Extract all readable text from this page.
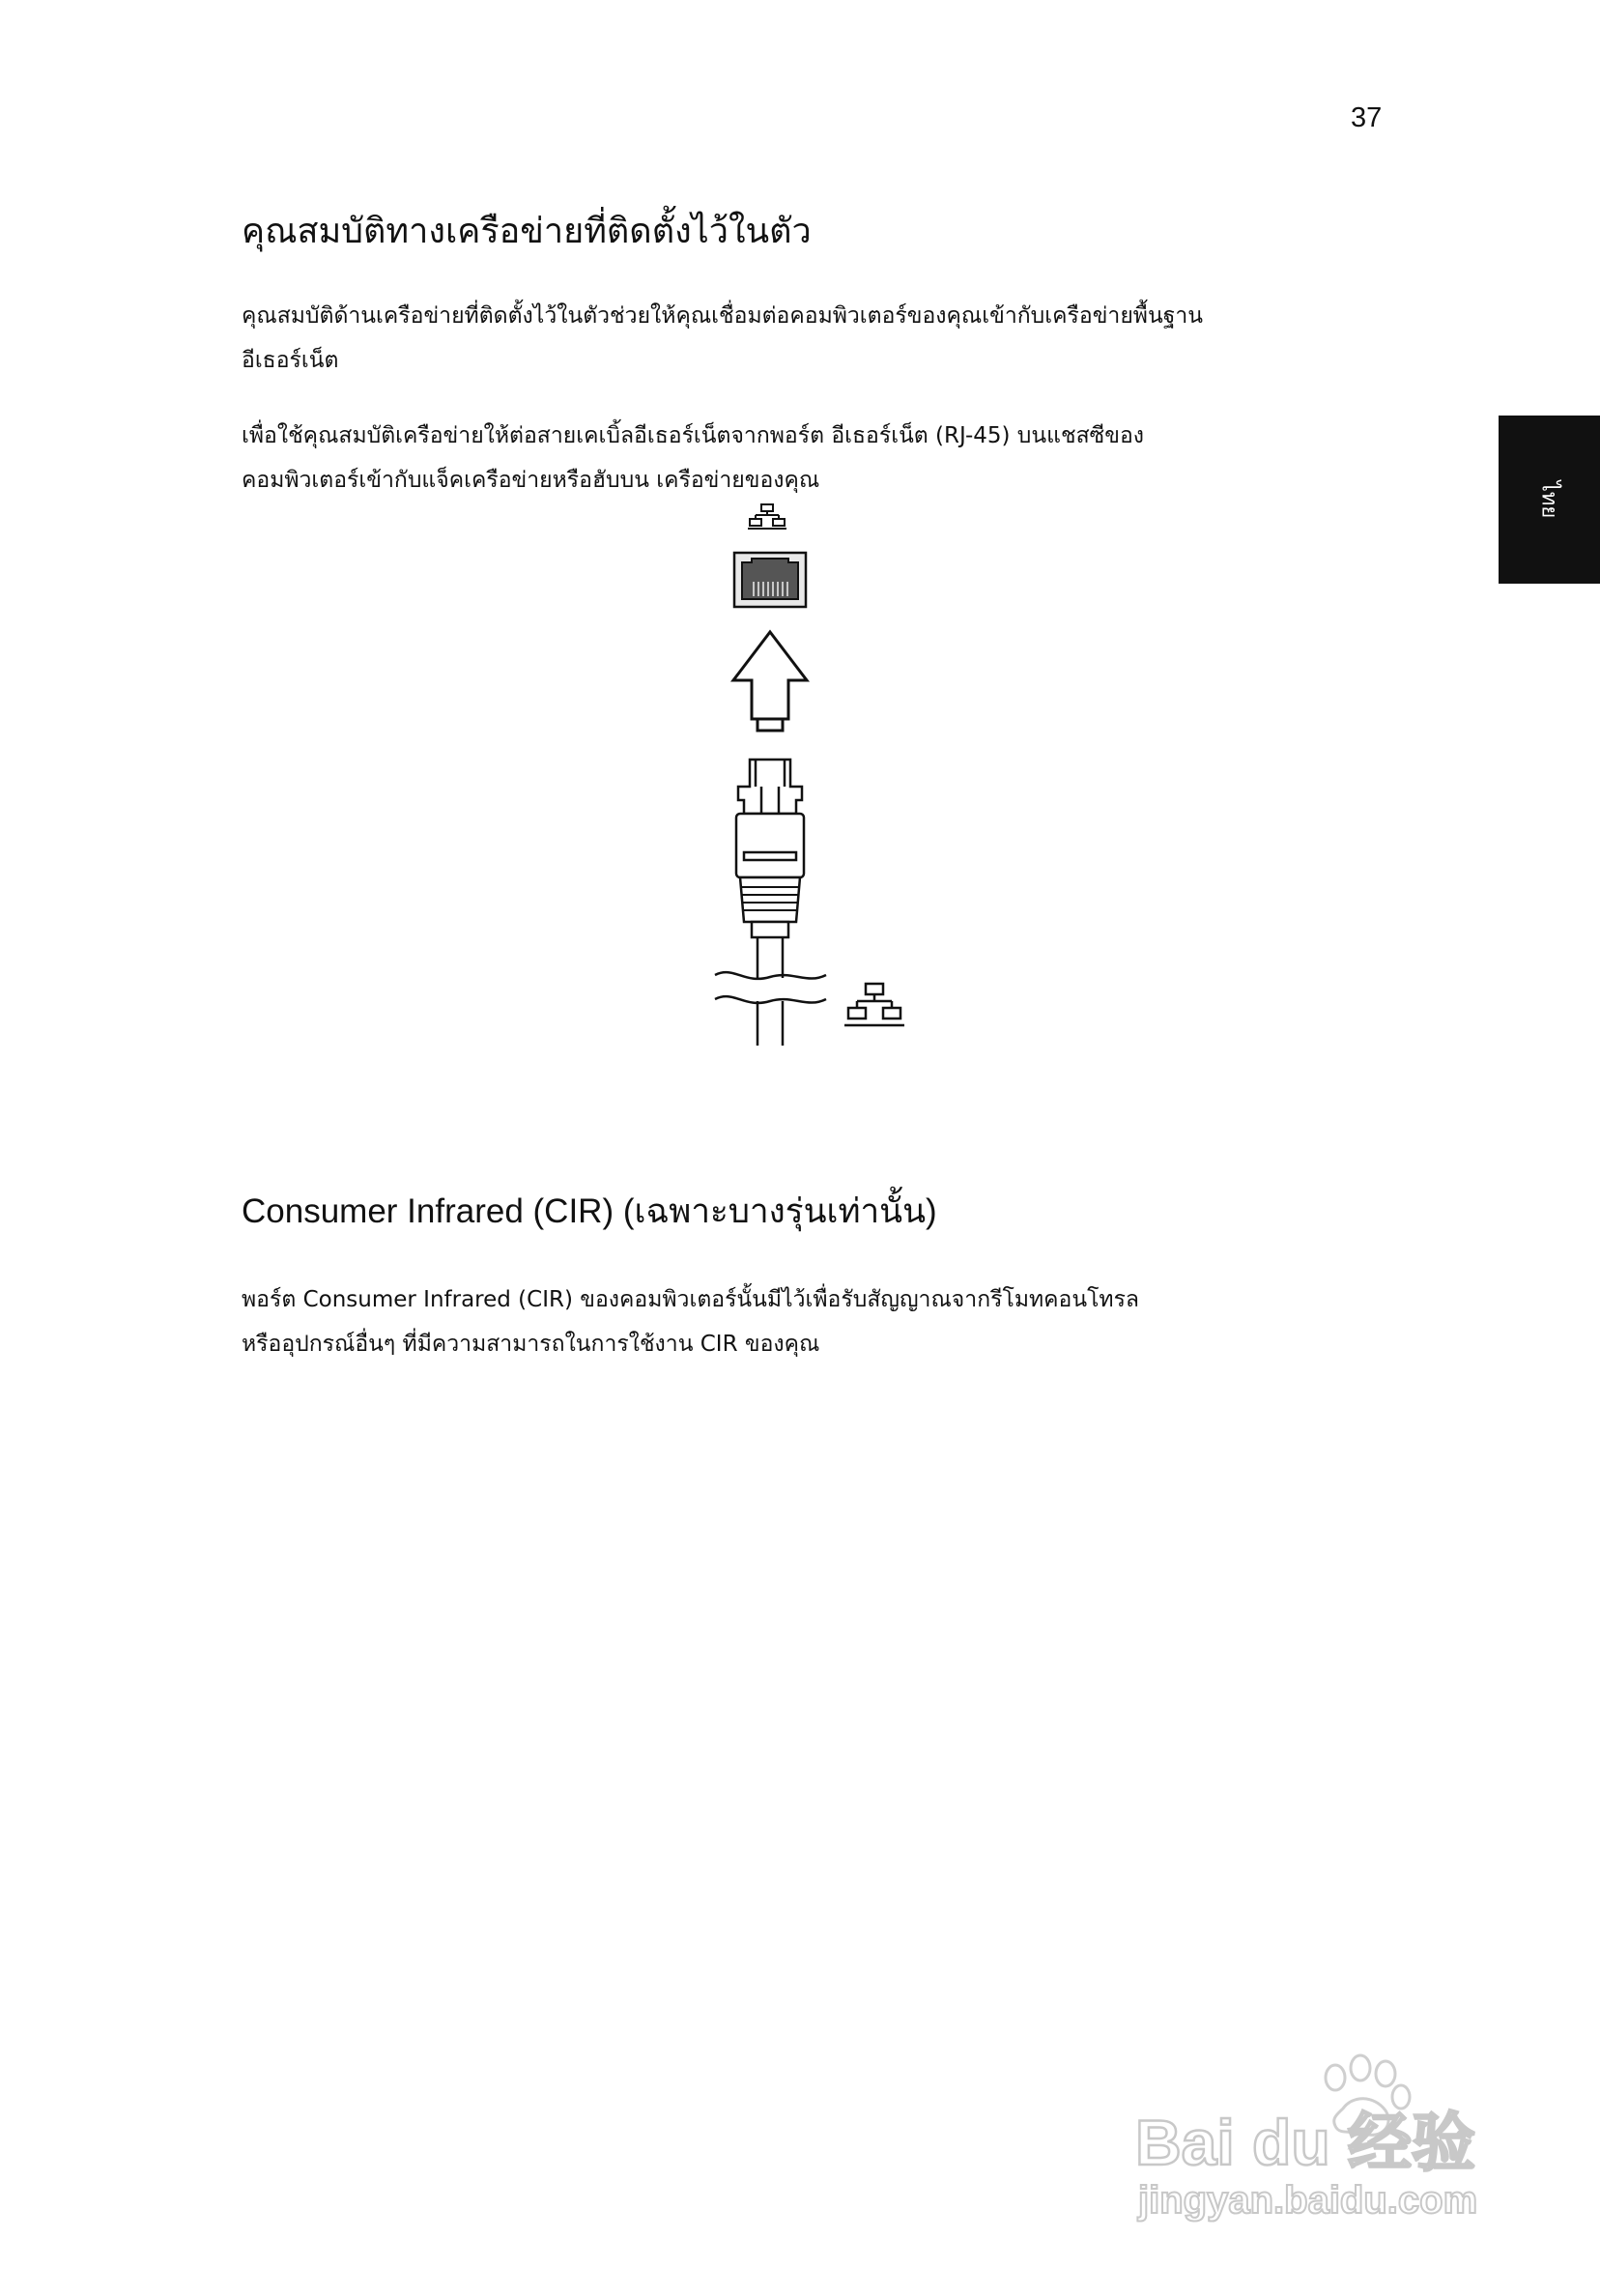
37
ไทย
คุณสมบัติทางเครือข่ายที่ติดตั้งไว้ในตัว

คุณสมบัติด้านเครือข่ายที่ติดตั้งไว้ในตัวช่วยให้คุณเชื่อมต่อคอมพิวเตอร์ของคุณเข้ากับเครือข่ายพื้นฐาน
อีเธอร์เน็ต

เพื่อใช้คุณสมบัติเครือข่ายให้ต่อสายเคเบิ้ลอีเธอร์เน็ตจากพอร์ต อีเธอร์เน็ต (RJ-45) บนแชสซีของ
คอมพิวเตอร์เข้ากับแจ็คเครือข่ายหรือฮับบน เครือข่ายของคุณ

Consumer Infrared (CIR) (เฉพาะบางรุ่นเท่านั้น)

พอร์ต Consumer Infrared (CIR) ของคอมพิวเตอร์นั้นมีไว้เพื่อรับสัญญาณจากรีโมทคอนโทรล
หรืออุปกรณ์อื่นๆ ที่มีความสามารถในการใช้งาน CIR ของคุณ

Bai du 经验
jingyan.baidu.com
